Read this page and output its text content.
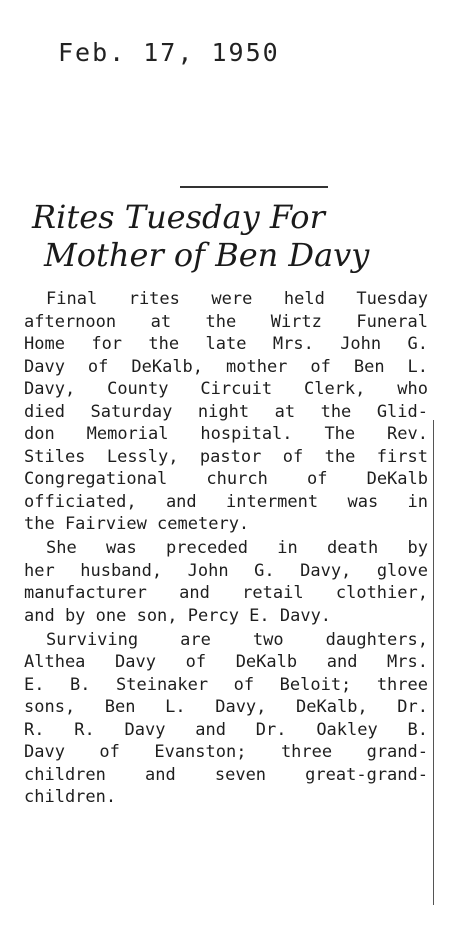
Feb. 17, 1950
Rites Tuesday For
Mother of Ben Davy
Final rites were held Tuesday
afternoon at the Wirtz Funeral
Home for the late Mrs. John G.
Davy of DeKalb, mother of Ben L.
Davy, County Circuit Clerk, who
died Saturday night at the Glid-
don Memorial hospital. The Rev.
Stiles Lessly, pastor of the first
Congregational church of DeKalb
officiated, and interment was in
the Fairview cemetery.
She was preceded in death by
her husband, John G. Davy, glove
manufacturer and retail clothier,
and by one son, Percy E. Davy.
Surviving are two daughters,
Althea Davy of DeKalb and Mrs.
E. B. Steinaker of Beloit; three
sons, Ben L. Davy, DeKalb, Dr.
R. R. Davy and Dr. Oakley B.
Davy of Evanston; three grand-
children and seven great-grand-
children.
